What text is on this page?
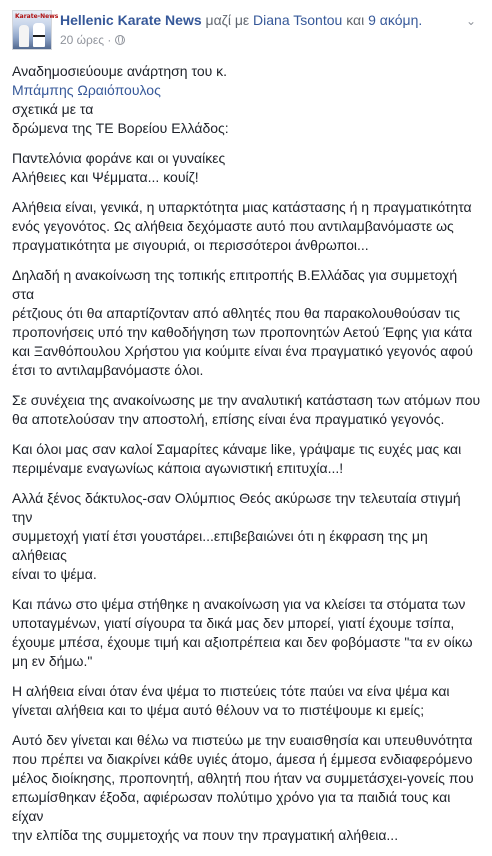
Karate-News Hellenic Karate News μαζί με Diana Tsontou και 9 ακόμη.
20 ώρες ·
⌄
Αναδημοσιεύουμε ανάρτηση του κ.
Μπάμπης Ωραιόπουλος
σχετικά με τα
δρώμενα της ΤΕ Βορείου Ελλάδος:
Παντελόνια φοράνε και οι γυναίκες
Αλήθειες και Ψέμματα... κουίζ!
Αλήθεια είναι, γενικά, η υπαρκτότητα μιας κατάστασης ή η πραγματικότητα
ενός γεγονότος. Ως αλήθεια δεχόμαστε αυτό που αντιλαμβανόμαστε ως
πραγματικότητα με σιγουριά, οι περισσότεροι άνθρωποι...
Δηλαδή η ανακοίνωση της τοπικής επιτροπής Β.Ελλάδας για συμμετοχή στα
ρέτζιους ότι θα απαρτίζονταν από αθλητές που θα παρακολουθούσαν τις
προπονήσεις υπό την καθοδήγηση των προπονητών Αετού Έφης για κάτα
και Ξανθόπουλου Χρήστου για κούμιτε είναι ένα πραγματικό γεγονός αφού
έτσι το αντιλαμβανόμαστε όλοι.
Σε συνέχεια της ανακοίνωσης με την αναλυτική κατάσταση των ατόμων που
θα αποτελούσαν την αποστολή, επίσης είναι ένα πραγματικό γεγονός.
Και όλοι μας σαν καλοί Σαμαρίτες κάναμε like, γράψαμε τις ευχές μας και
περιμέναμε εναγωνίως κάποια αγωνιστική επιτυχία...!
Αλλά ξένος δάκτυλος-σαν Ολύμπιος Θεός ακύρωσε την τελευταία στιγμή την
συμμετοχή γιατί έτσι γουστάρει...επιβεβαιώνει ότι η έκφραση της μη αλήθειας
είναι το ψέμα.
Και πάνω στο ψέμα στήθηκε η ανακοίνωση για να κλείσει τα στόματα των
υποταγμένων, γιατί σίγουρα τα δικά μας δεν μπορεί, γιατί έχουμε τσίπα,
έχουμε μπέσα, έχουμε τιμή και αξιοπρέπεια και δεν φοβόμαστε "τα εν οίκω
μη εν δήμω."
Η αλήθεια είναι όταν ένα ψέμα το πιστεύεις τότε παύει να είνα ψέμα και
γίνεται αλήθεια και το ψέμα αυτό θέλουν να το πιστέψουμε κι εμείς;
Αυτό δεν γίνεται και θέλω να πιστεύω με την ευαισθησία και υπευθυνότητα
που πρέπει να διακρίνει κάθε υγιές άτομο, άμεσα ή έμμεσα ενδιαφερόμενο
μέλος διοίκησης, προπονητή, αθλητή που ήταν να συμμετάσχει-γονείς που
επωμίσθηκαν έξοδα, αφιέρωσαν πολύτιμο χρόνο για τα παιδιά τους και είχαν
την ελπίδα της συμμετοχής να πουν την πραγματική αλήθεια...
